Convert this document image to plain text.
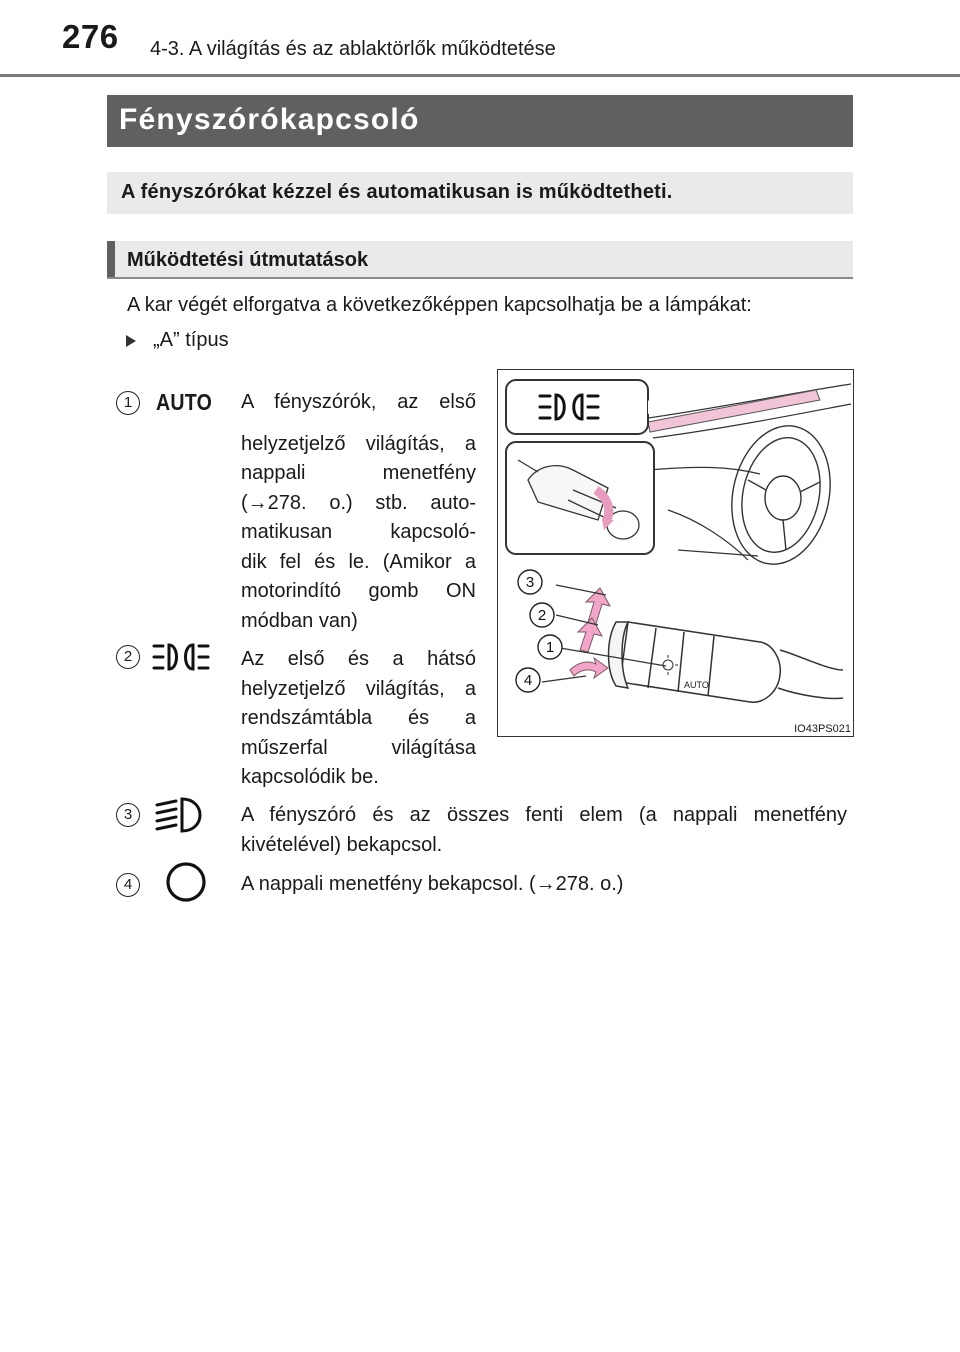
276 4-3. A világítás és az ablaktörlők működtetése
Fényszórókapcsoló
A fényszórókat kézzel és automatikusan is működtetheti.
Működtetési útmutatások
A kar végét elforgatva a következőképpen kapcsolhatja be a lámpákat:
„A” típus
1	AUTO A fényszórók, az első
helyzetjelző világítás, a
nappali menetfény
(→278. o.) stb. auto-
matikusan kapcsoló-
dik fel és le. (Amikor a
motorindító gomb ON
módban van)
2	Az első és a hátsó
helyzetjelző világítás, a
rendszámtábla és a
műszerfal világítása
kapcsolódik be.
AUTO
3
2
1
4
IO43PS021
3	A fényszóró és az összes fenti elem (a nappali menetfény
kivételével) bekapcsol.
4	A nappali menetfény bekapcsol. (→278. o.)
